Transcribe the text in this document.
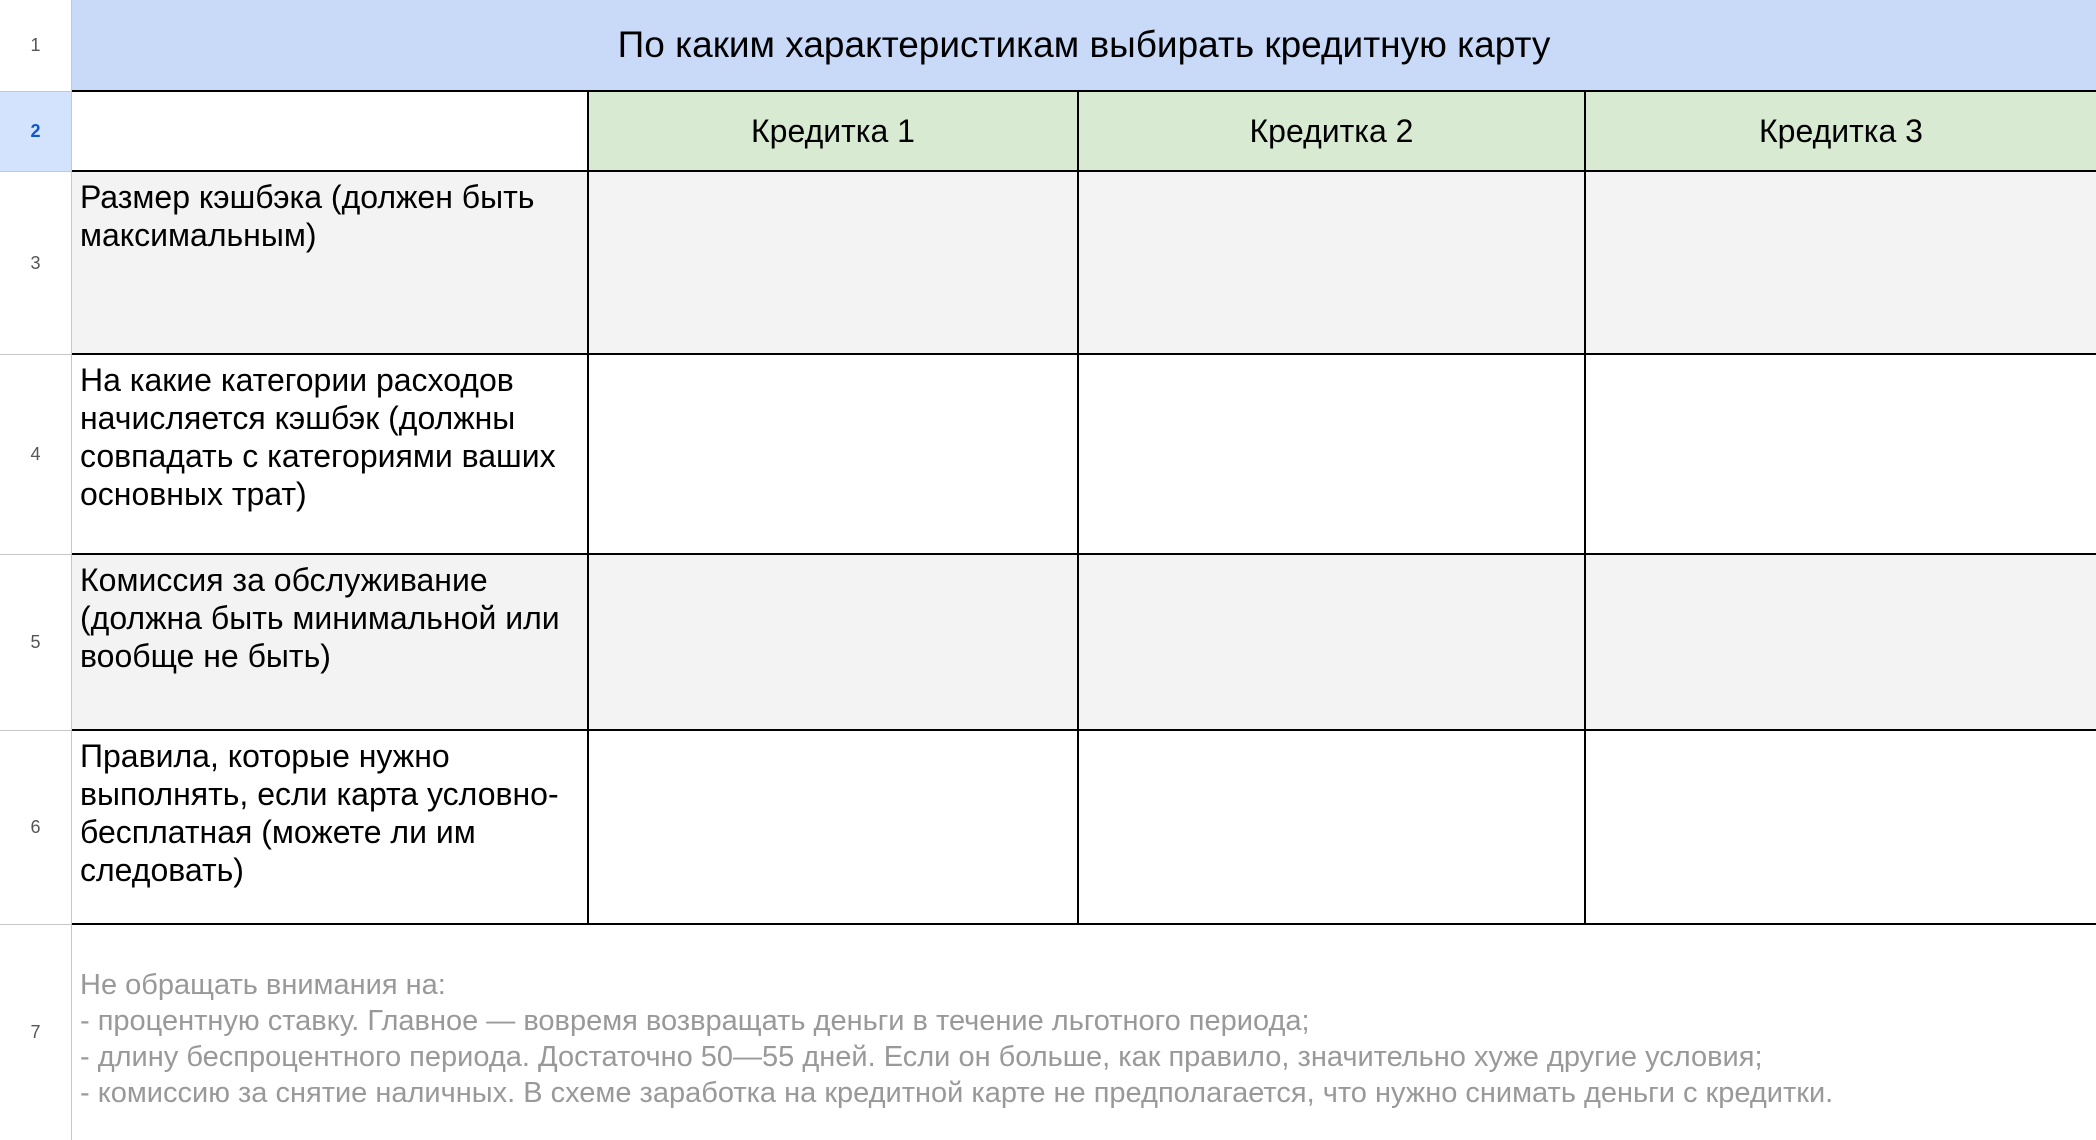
1	По каким характеристикам выбирать кредитную карту
2	Кредитка 1	Кредитка 2	Кредитка 3
3
Размер кэшбэка (должен быть максимальным)
4
На какие категории расходов начисляется кэшбэк (должны совпадать с категориями ваших основных трат)
5
Комиссия за обслуживание (должна быть минимальной или вообще не быть)
6
Правила, которые нужно выполнять, если карта условно-бесплатная (можете ли им следовать)
7
Не обращать внимания на:
- процентную ставку. Главное — вовремя возвращать деньги в течение льготного периода;
- длину беспроцентного периода. Достаточно 50—55 дней. Если он больше, как правило, значительно хуже другие условия;
- комиссию за снятие наличных. В схеме заработка на кредитной карте не предполагается, что нужно снимать деньги с кредитки.
